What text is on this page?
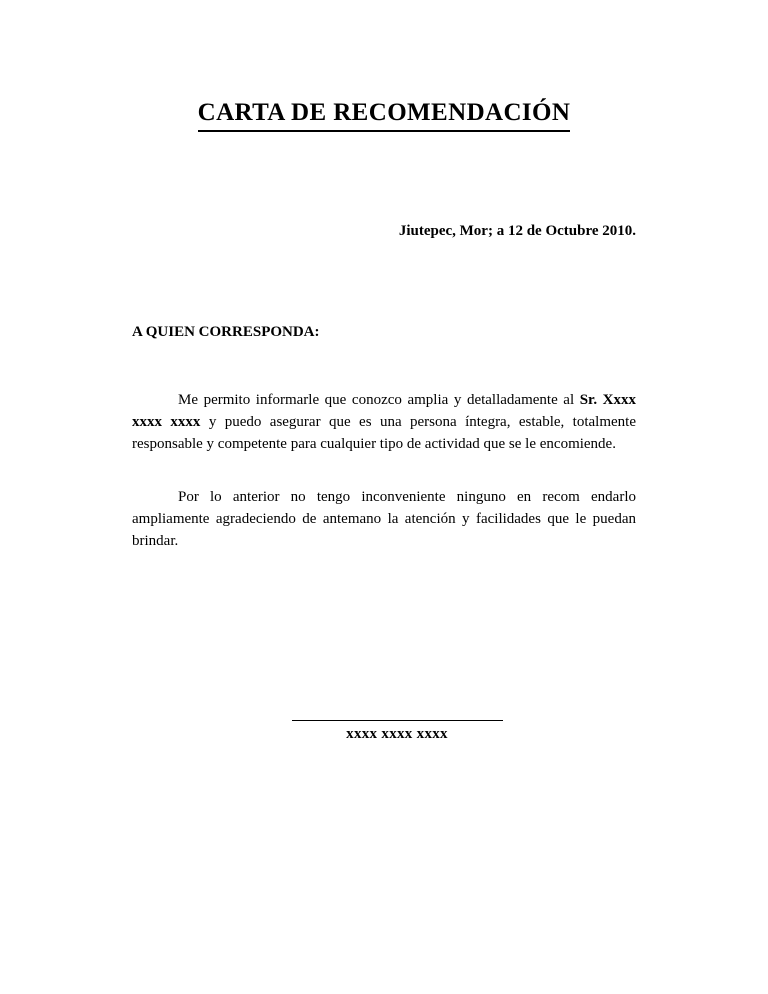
CARTA DE RECOMENDACIÓN
Jiutepec, Mor; a 12 de Octubre 2010.
A QUIEN CORRESPONDA:

Me permito informarle que conozco amplia y detalladamente al Sr. Xxxx xxxx xxxx y puedo asegurar que es una persona íntegra, estable, totalmente responsable y competente para cualquier tipo de actividad que se le encomiende.

Por lo anterior no tengo inconveniente ninguno en recom endarlo ampliamente agradeciendo de antemano la atención y facilidades que le puedan brindar.

xxxx xxxx xxxx
